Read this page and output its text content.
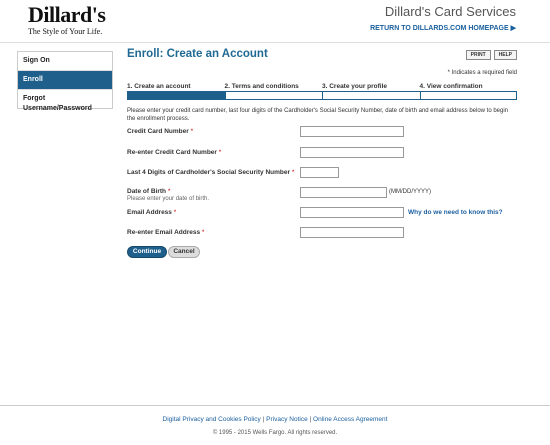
Dillard's
The Style of Your Life.
Dillard's Card Services
RETURN TO DILLARDS.COM HOMEPAGE ▶
Sign On
Enroll
Forgot Username/Password
Enroll: Create an Account	PRINT	HELP
* Indicates a required field
1. Create an account	2. Terms and conditions	3. Create your profile	4. View confirmation
Please enter your credit card number, last four digits of the Cardholder's Social Security Number, date of birth and email address below to begin the enrollment process.
Credit Card Number *
Re-enter Credit Card Number *
Last 4 Digits of Cardholder's Social Security Number *
Date of Birth *
Please enter your date of birth.
(MM/DD/YYYY)
Email Address *	Why do we need to know this?
Re-enter Email Address *
Continue	Cancel
Digital Privacy and Cookies Policy | Privacy Notice | Online Access Agreement
© 1995 - 2015 Wells Fargo. All rights reserved.
